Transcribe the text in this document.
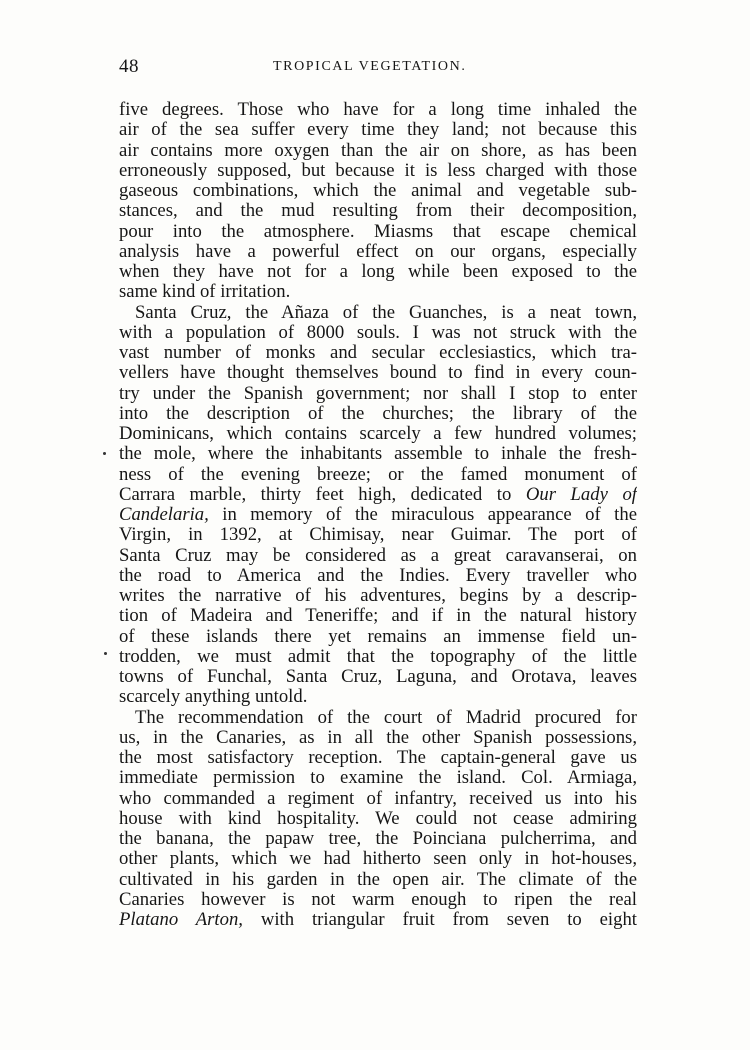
48	TROPICAL VEGETATION.
five degrees. Those who have for a long time inhaled the
air of the sea suffer every time they land; not because this
air contains more oxygen than the air on shore, as has been
erroneously supposed, but because it is less charged with those
gaseous combinations, which the animal and vegetable sub-
stances, and the mud resulting from their decomposition,
pour into the atmosphere. Miasms that escape chemical
analysis have a powerful effect on our organs, especially
when they have not for a long while been exposed to the
same kind of irritation.
Santa Cruz, the Añaza of the Guanches, is a neat town,
with a population of 8000 souls. I was not struck with the
vast number of monks and secular ecclesiastics, which tra-
vellers have thought themselves bound to find in every coun-
try under the Spanish government; nor shall I stop to enter
into the description of the churches; the library of the
Dominicans, which contains scarcely a few hundred volumes;
the mole, where the inhabitants assemble to inhale the fresh-
ness of the evening breeze; or the famed monument of
Carrara marble, thirty feet high, dedicated to Our Lady of
Candelaria, in memory of the miraculous appearance of the
Virgin, in 1392, at Chimisay, near Guimar. The port of
Santa Cruz may be considered as a great caravanserai, on
the road to America and the Indies. Every traveller who
writes the narrative of his adventures, begins by a descrip-
tion of Madeira and Teneriffe; and if in the natural history
of these islands there yet remains an immense field un-
trodden, we must admit that the topography of the little
towns of Funchal, Santa Cruz, Laguna, and Orotava, leaves
scarcely anything untold.
The recommendation of the court of Madrid procured for
us, in the Canaries, as in all the other Spanish possessions,
the most satisfactory reception. The captain-general gave us
immediate permission to examine the island. Col. Armiaga,
who commanded a regiment of infantry, received us into his
house with kind hospitality. We could not cease admiring
the banana, the papaw tree, the Poinciana pulcherrima, and
other plants, which we had hitherto seen only in hot-houses,
cultivated in his garden in the open air. The climate of the
Canaries however is not warm enough to ripen the real
Platano Arton, with triangular fruit from seven to eight
